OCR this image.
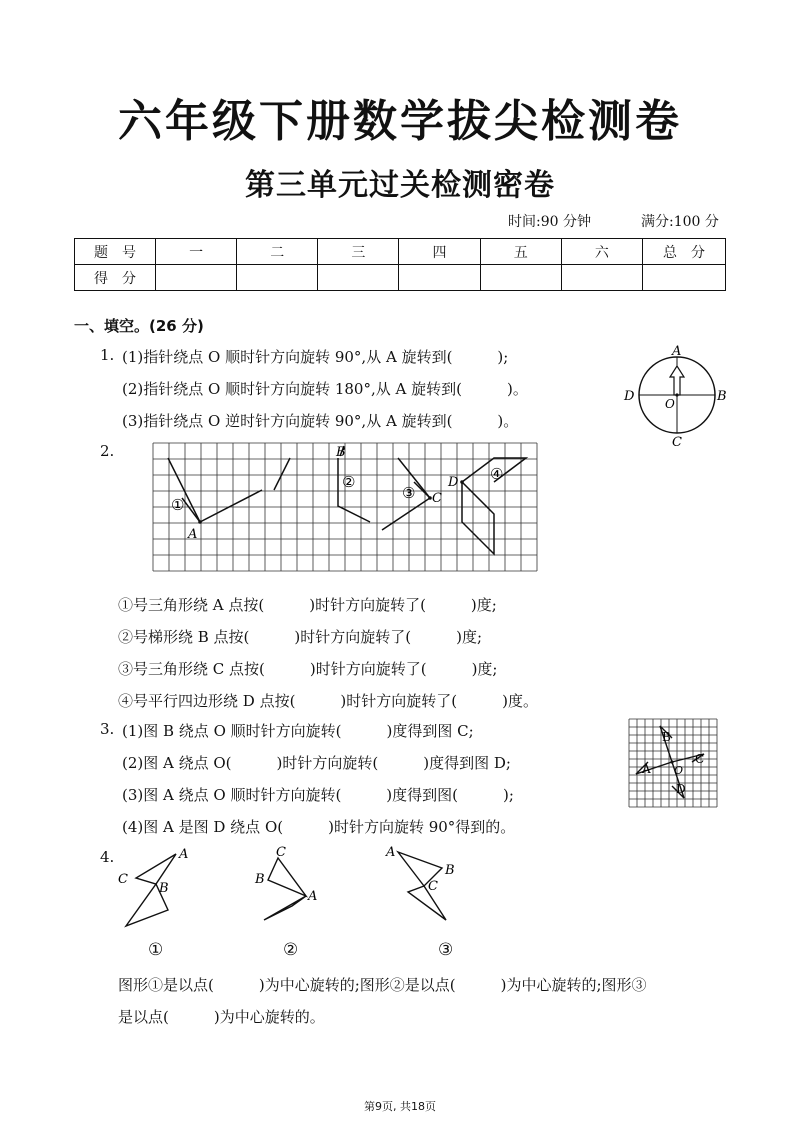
六年级下册数学拔尖检测卷
第三单元过关检测密卷
时间:90 分钟	满分:100 分
题　号	一	二	三	四	五	六	总　分
得　分							
一、填空。(26 分)
1. (1)指针绕点 O 顺时针方向旋转 90°,从 A 旋转到(　　　);
(2)指针绕点 O 顺时针方向旋转 180°,从 A 旋转到(　　　)。
(3)指针绕点 O 逆时针方向旋转 90°,从 A 旋转到(　　　)。
A
B
C
D	O
2.
A
B
C
D
①
②
③
④
①号三角形绕 A 点按(　　　)时针方向旋转了(　　　)度;
②号梯形绕 B 点按(　　　)时针方向旋转了(　　　)度;
③号三角形绕 C 点按(　　　)时针方向旋转了(　　　)度;
④号平行四边形绕 D 点按(　　　)时针方向旋转了(　　　)度。
3. (1)图 B 绕点 O 顺时针方向旋转(　　　)度得到图 C;
(2)图 A 绕点 O(　　　)时针方向旋转(　　　)度得到图 D;
(3)图 A 绕点 O 顺时针方向旋转(　　　)度得到图(　　　);
(4)图 A 是图 D 绕点 O(　　　)时针方向旋转 90°得到的。
A
B
C
D
O
4.	A
B
C
A
B
C	A
B
C
①	②	③
图形①是以点(　　　)为中心旋转的;图形②是以点(　　　)为中心旋转的;图形③
是以点(　　　)为中心旋转的。
第9页, 共18页
